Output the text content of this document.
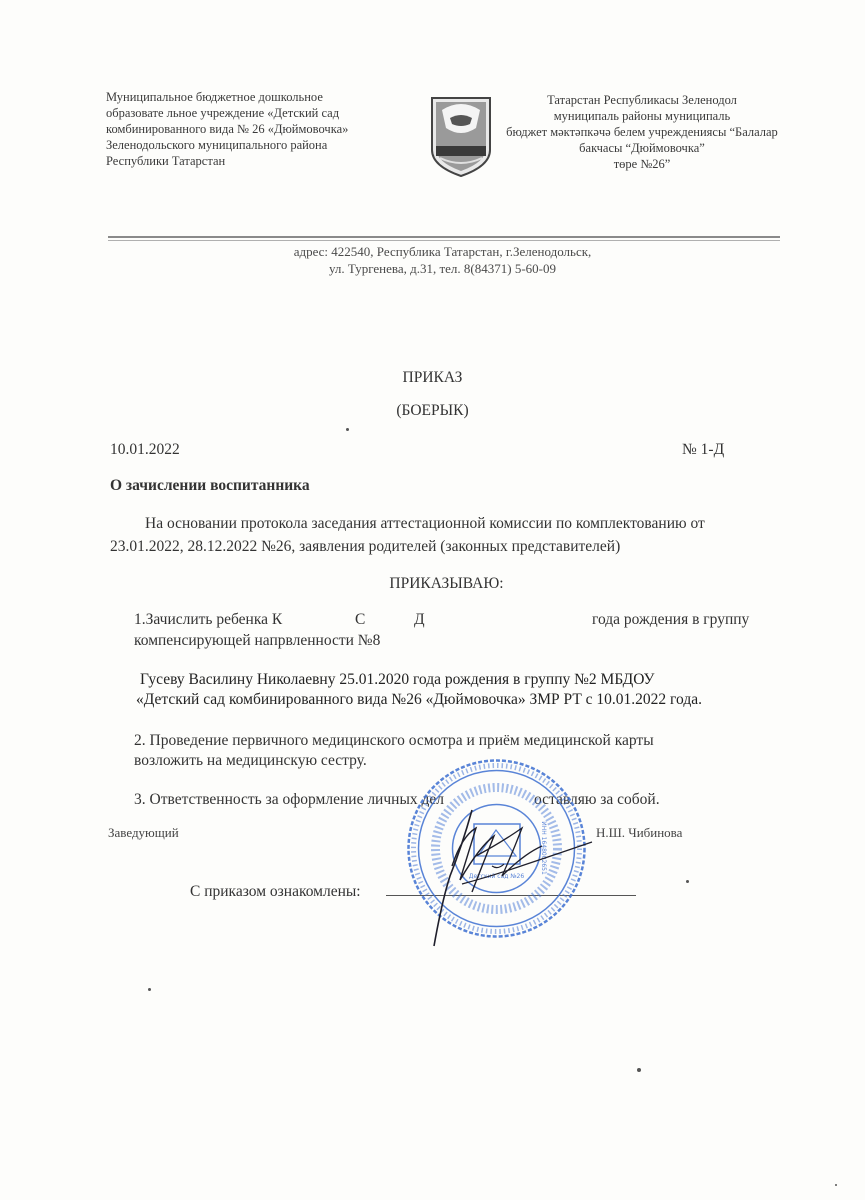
Муниципальное бюджетное дошкольное
образовате льное учреждение «Детский сад
комбинированного вида № 26 «Дюймовочка»
Зеленодольского муниципального района
Республики Татарстан
Татарстан Республикасы Зеленодол
муниципаль районы муниципаль
бюджет мәктәпкәчә белем учреждениясы “Балалар
бакчасы “Дюймовочка”
төре №26”
адрес: 422540, Республика Татарстан, г.Зеленодольск,
ул. Тургенева, д.31, тел. 8(84371) 5-60-09
ПРИКАЗ
(БОЕРЫК)
10.01.2022	№ 1-Д
О зачислении воспитанника
На основании протокола заседания аттестационной комиссии по комплектованию от
23.01.2022, 28.12.2022 №26, заявления родителей (законных представителей)
ПРИКАЗЫВАЮ:
1.Зачислить ребенка К	С	Д	года рождения в группу
компенсирующей напрвленности №8
Гусеву Василину Николаевну 25.01.2020 года рождения в группу №2 МБДОУ
«Детский сад комбинированного вида №26 «Дюймовочка» ЗМР РТ с 10.01.2022 года.
2. Проведение первичного медицинского осмотра и приём медицинской карты
возложить на медицинскую сестру.
3. Ответственность за оформление личных дел	оставляю за собой.
Заведующий	Н.Ш. Чибинова
С приказом ознакомлены:
Детский сад №26
ИНН 1648002651
